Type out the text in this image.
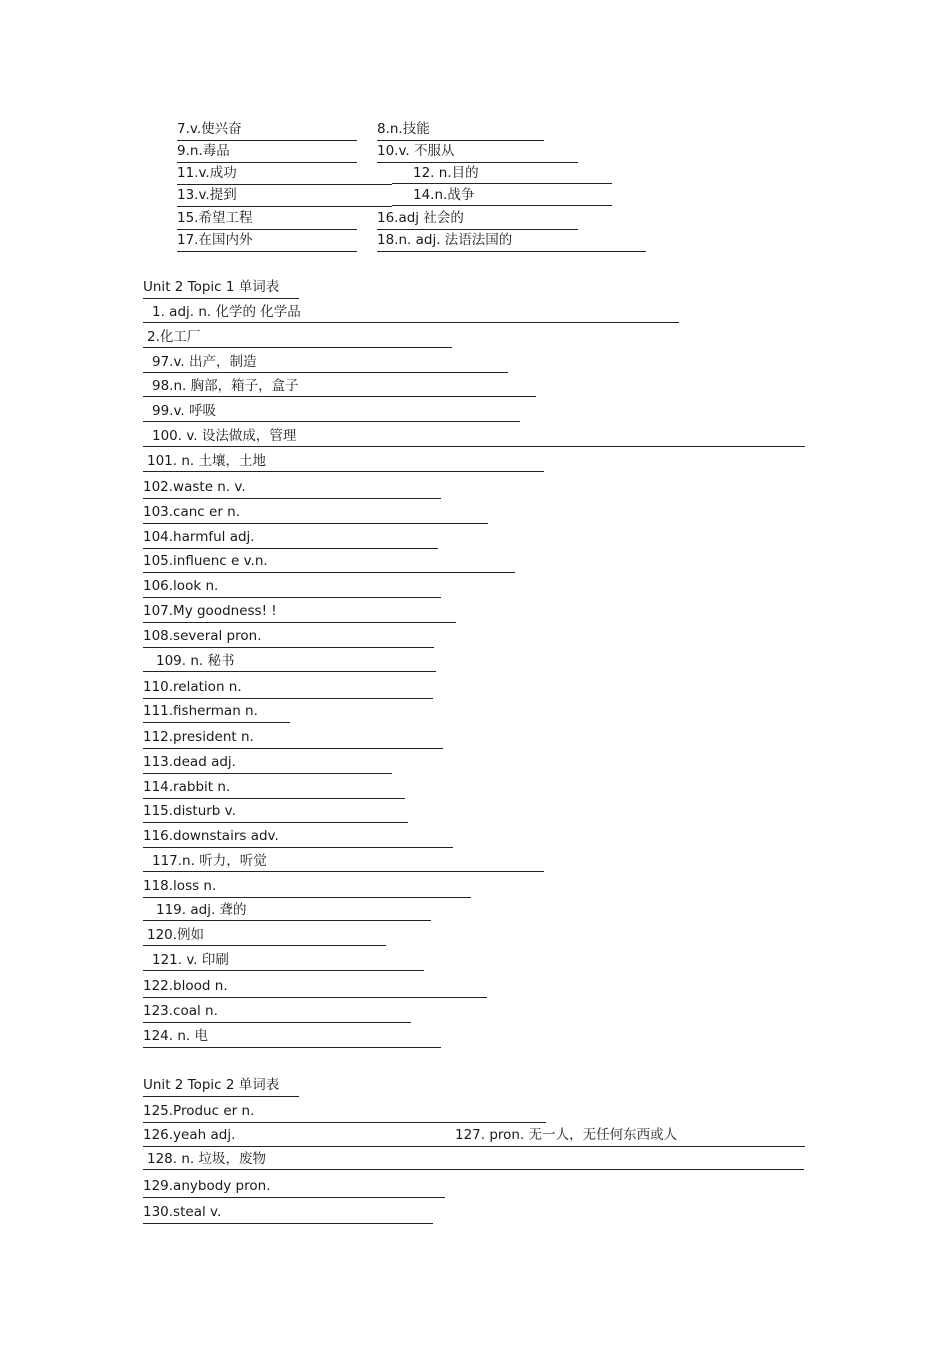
7.v.使兴奋	8.n.技能
9.n.毒品	10.v. 不服从
11.v.成功	12. n.目的
13.v.提到	14.n.战争
15.希望工程	16.adj 社会的
17.在国内外	18.n. adj. 法语法国的
Unit 2 Topic 1 单词表
1. adj. n. 化学的 化学品
2.化工厂
97.v. 出产，制造
98.n. 胸部，箱子，盒子
99.v. 呼吸
100. v. 设法做成，管理
101. n. 土壤，土地
102.waste n. v.
103.canc er n.
104.harmful adj.
105.influenc e v.n.
106.look n.
107.My goodness! !
108.several pron.
109. n. 秘书
110.relation n.
111.fisherman n.
112.president n.
113.dead adj.
114.rabbit n.
115.disturb v.
116.downstairs adv.
117.n. 听力，听觉
118.loss n.
119. adj. 聋的
120.例如
121. v. 印刷
122.blood n.
123.coal n.
124. n. 电
Unit 2 Topic 2 单词表
125.Produc er n.
126.yeah adj.	127. pron. 无一人，无任何东西或人
128. n. 垃圾，废物
129.anybody pron.
130.steal v.
